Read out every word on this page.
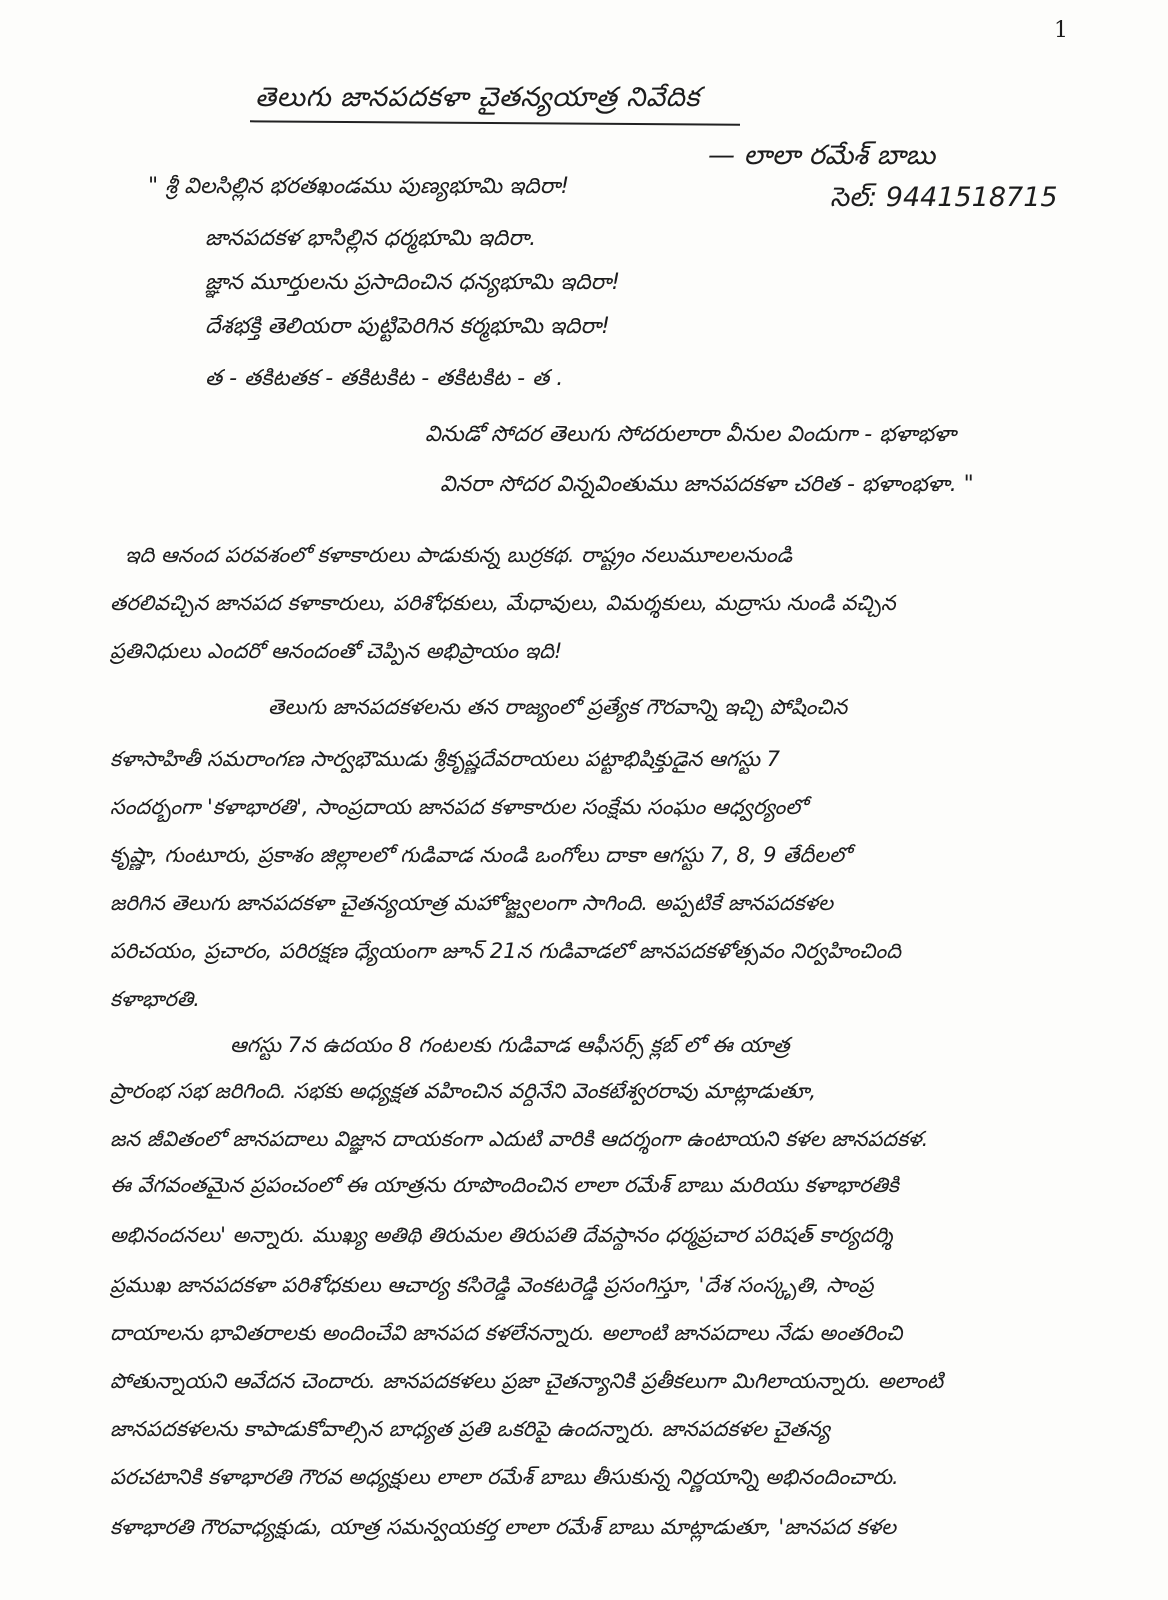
1
తెలుగు జానపదకళా చైతన్యయాత్ర నివేదిక
— లాలా రమేశ్ బాబు
సెల్: 9441518715
" శ్రీ విలసిల్లిన భరతఖండము పుణ్యభూమి ఇదిరా!
జానపదకళ భాసిల్లిన ధర్మభూమి ఇదిరా.
జ్ఞాన మూర్తులను ప్రసాదించిన ధన్యభూమి ఇదిరా!
దేశభక్తి తెలియరా పుట్టిపెరిగిన కర్మభూమి ఇదిరా!
త - తకిటతక - తకిటకిట - తకిటకిట - త .
వినుడో సోదర తెలుగు సోదరులారా వీనుల విందుగా - భళాభళా
వినరా సోదర విన్నవింతుము జానపదకళా చరిత - భళాంభళా. "
ఇది ఆనంద పరవశంలో కళాకారులు పాడుకున్న బుర్రకథ. రాష్ట్రం నలుమూలలనుండి
తరలివచ్చిన జానపద కళాకారులు, పరిశోధకులు, మేధావులు, విమర్శకులు, మద్రాసు నుండి వచ్చిన
ప్రతినిధులు ఎందరో ఆనందంతో చెప్పిన అభిప్రాయం ఇది!
తెలుగు జానపదకళలను తన రాజ్యంలో ప్రత్యేక గౌరవాన్ని ఇచ్చి పోషించిన
కళాసాహితీ సమరాంగణ సార్వభౌముడు శ్రీకృష్ణదేవరాయలు పట్టాభిషిక్తుడైన ఆగస్టు 7
సందర్భంగా 'కళాభారతి', సాంప్రదాయ జానపద కళాకారుల సంక్షేమ సంఘం ఆధ్వర్యంలో
కృష్ణా, గుంటూరు, ప్రకాశం జిల్లాలలో గుడివాడ నుండి ఒంగోలు దాకా ఆగస్టు 7, 8, 9 తేదీలలో
జరిగిన తెలుగు జానపదకళా చైతన్యయాత్ర మహోజ్జ్వలంగా సాగింది. అప్పటికే జానపదకళల
పరిచయం, ప్రచారం, పరిరక్షణ ధ్యేయంగా జూన్ 21న గుడివాడలో జానపదకళోత్సవం నిర్వహించింది
కళాభారతి.
ఆగస్టు 7న ఉదయం 8 గంటలకు గుడివాడ ఆఫీసర్స్ క్లబ్ లో ఈ యాత్ర
ప్రారంభ సభ జరిగింది. సభకు అధ్యక్షత వహించిన వర్ధినేని వెంకటేశ్వరరావు మాట్లాడుతూ,
జన జీవితంలో జానపదాలు విజ్ఞాన దాయకంగా ఎదుటి వారికి ఆదర్శంగా ఉంటాయని కళల జానపదకళ.
ఈ వేగవంతమైన ప్రపంచంలో ఈ యాత్రను రూపొందించిన లాలా రమేశ్ బాబు మరియు కళాభారతికి
అభినందనలు' అన్నారు. ముఖ్య అతిథి తిరుమల తిరుపతి దేవస్థానం ధర్మప్రచార పరిషత్ కార్యదర్శి
ప్రముఖ జానపదకళా పరిశోధకులు ఆచార్య కసిరెడ్డి వెంకటరెడ్డి ప్రసంగిస్తూ, 'దేశ సంస్కృతి, సాంప్ర
దాయాలను భావితరాలకు అందించేవి జానపద కళలేనన్నారు. అలాంటి జానపదాలు నేడు అంతరించి
పోతున్నాయని ఆవేదన చెందారు. జానపదకళలు ప్రజా చైతన్యానికి ప్రతీకలుగా మిగిలాయన్నారు. అలాంటి
జానపదకళలను కాపాడుకోవాల్సిన బాధ్యత ప్రతి ఒకరిపై ఉందన్నారు. జానపదకళల చైతన్య
పరచటానికి కళాభారతి గౌరవ అధ్యక్షులు లాలా రమేశ్ బాబు తీసుకున్న నిర్ణయాన్ని అభినందించారు.
కళాభారతి గౌరవాధ్యక్షుడు, యాత్ర సమన్వయకర్త లాలా రమేశ్ బాబు మాట్లాడుతూ, 'జానపద కళల
